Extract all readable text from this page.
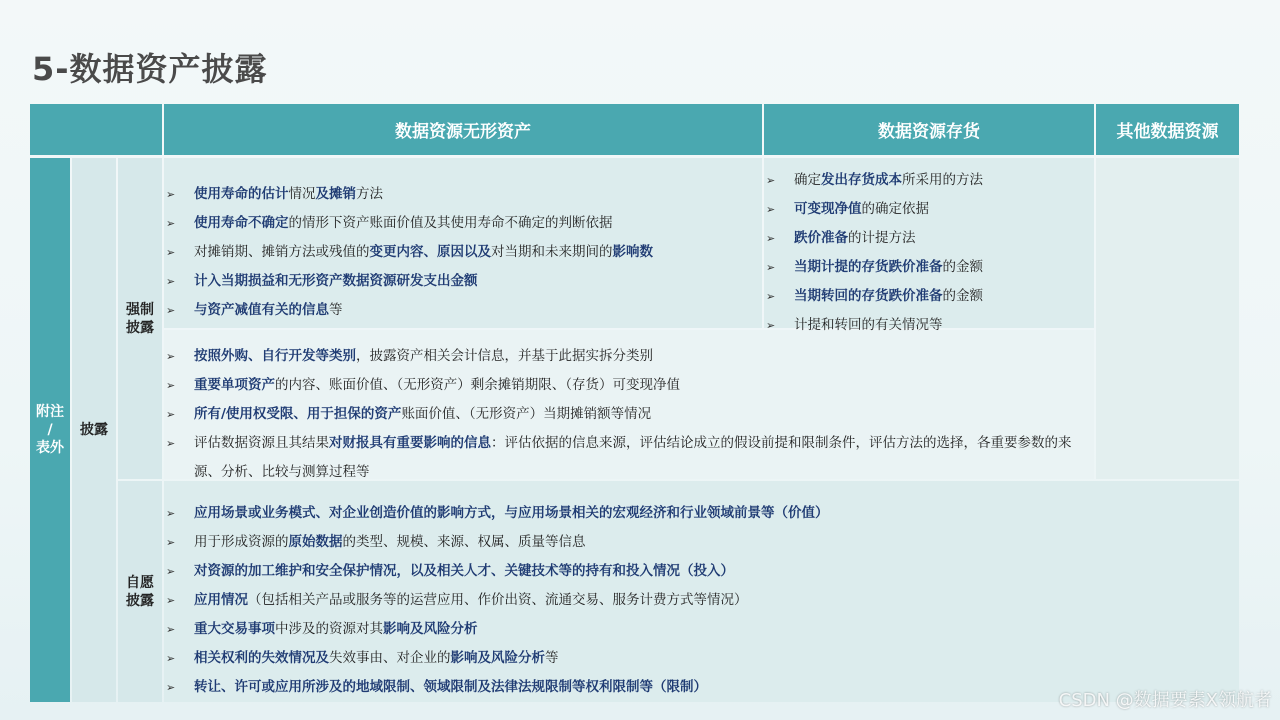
5-数据资产披露
数据资源无形资产	数据资源存货	其他数据资源
附注
/
表外
披露
强制
披露
自愿
披露
➢ 使用寿命的估计情况及摊销方法
➢ 使用寿命不确定的情形下资产账面价值及其使用寿命不确定的判断依据
➢ 对摊销期、摊销方法或残值的变更内容、原因以及对当期和未来期间的影响数
➢ 计入当期损益和无形资产数据资源研发支出金额
➢ 与资产减值有关的信息等
➢ 确定发出存货成本所采用的方法
➢ 可变现净值的确定依据
➢ 跌价准备的计提方法
➢ 当期计提的存货跌价准备的金额
➢ 当期转回的存货跌价准备的金额
➢ 计提和转回的有关情况等
➢ 按照外购、自行开发等类别，披露资产相关会计信息，并基于此据实拆分类别
➢ 重要单项资产的内容、账面价值、（无形资产）剩余摊销期限、（存货）可变现净值
➢ 所有/使用权受限、用于担保的资产账面价值、（无形资产）当期摊销额等情况
➢ 评估数据资源且其结果对财报具有重要影响的信息：评估依据的信息来源，评估结论成立的假设前提和限制条件，评估方法的选择，各重要参数的来源、分析、比较与测算过程等
➢ 应用场景或业务模式、对企业创造价值的影响方式，与应用场景相关的宏观经济和行业领域前景等（价值）
➢ 用于形成资源的原始数据的类型、规模、来源、权属、质量等信息
➢ 对资源的加工维护和安全保护情况，以及相关人才、关键技术等的持有和投入情况（投入）
➢ 应用情况（包括相关产品或服务等的运营应用、作价出资、流通交易、服务计费方式等情况）
➢ 重大交易事项中涉及的资源对其影响及风险分析
➢ 相关权利的失效情况及失效事由、对企业的影响及风险分析等
➢ 转让、许可或应用所涉及的地域限制、领域限制及法律法规限制等权利限制等（限制）
CSDN @数据要素X领航者
